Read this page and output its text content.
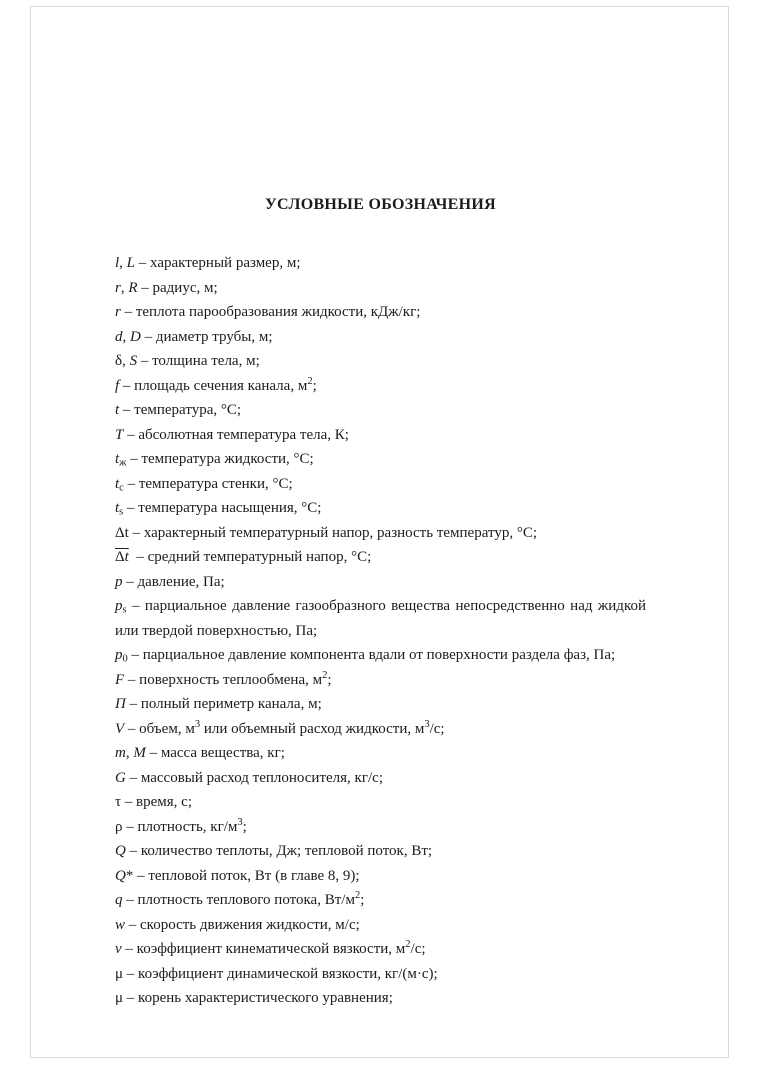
УСЛОВНЫЕ ОБОЗНАЧЕНИЯ

l, L – характерный размер, м;

r, R – радиус, м;

r – теплота парообразования жидкости, кДж/кг;

d, D – диаметр трубы, м;

δ, S – толщина тела, м;

f – площадь сечения канала, $м^2$;

t – температура, °С;

T – абсолютная температура тела, К;

$t_ж$ – температура жидкости, °С;

$t_с$ – температура стенки, °С;

$t_s$ – температура насыщения, °С;

Δt – характерный температурный напор, разность температур, °С;

Δt  – средний температурный напор, °С;

p – давление, Па;

$p_s$ – парциальное давление газообразного вещества непосредственно над жидкой или твердой поверхностью, Па;

$p_0$ – парциальное давление компонента вдали от поверхности раздела фаз, Па;

F – поверхность теплообмена, $м^2$;

П – полный периметр канала, м;

V – объем, $м^3$ или объемный расход жидкости, $м^3/с$;

m, M – масса вещества, кг;

G – массовый расход теплоносителя, кг/с;

τ – время, с;

ρ – плотность, $кг/м^3$;

Q – количество теплоты, Дж; тепловой поток, Вт;

Q* – тепловой поток, Вт (в главе 8, 9);

q – плотность теплового потока, $Вт/м^2$;

w – скорость движения жидкости, м/с;

ν – коэффициент кинематической вязкости, $м^2/с$;

μ – коэффициент динамической вязкости, кг/(м·с);

μ – корень характеристического уравнения;
